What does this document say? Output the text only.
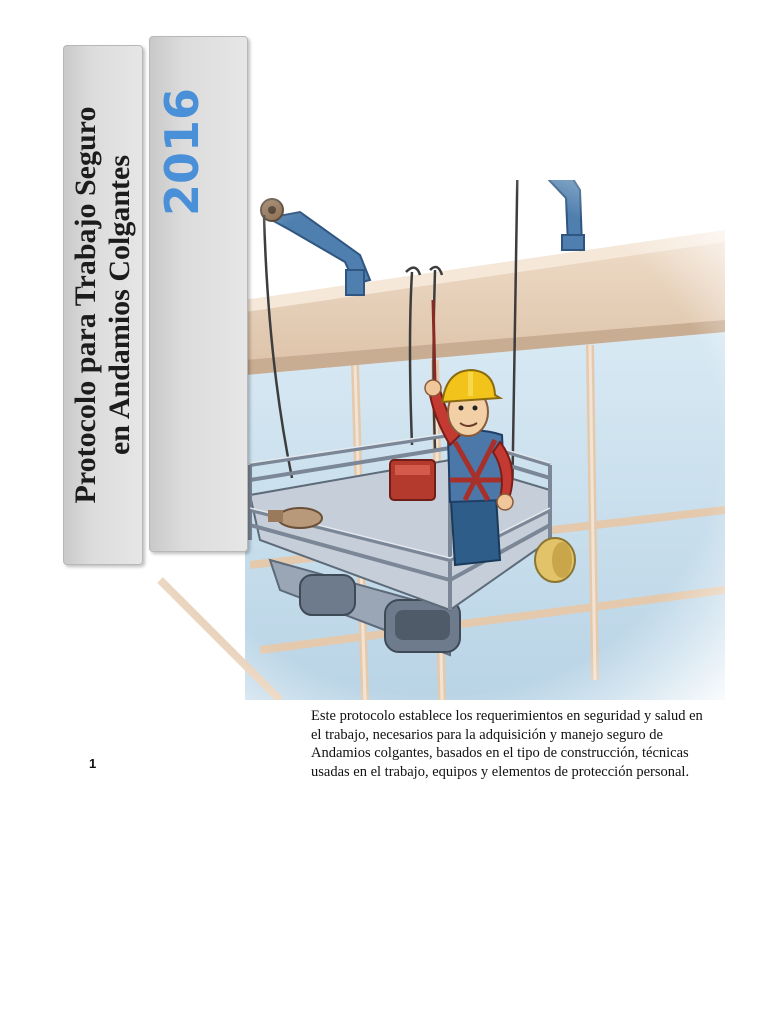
Protocolo para Trabajo Seguro en Andamios Colgantes
2016

Este protocolo establece los requerimientos en seguridad y salud en el trabajo, necesarios para la adquisición y manejo seguro de Andamios colgantes, basados en el tipo de construcción, técnicas usadas en el trabajo, equipos y elementos de protección personal.

1
